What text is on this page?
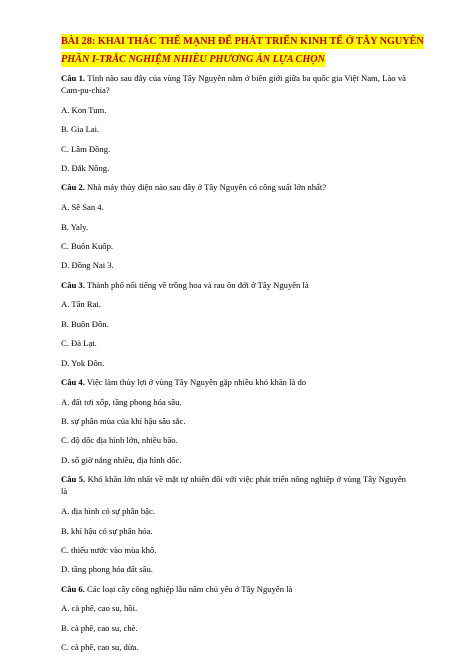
BÀI 28: KHAI THÁC THẾ MẠNH ĐỂ PHÁT TRIỂN KINH TẾ Ở TÂY NGUYÊN
PHẦN I-TRẮC NGHIỆM NHIỀU PHƯƠNG ÁN LỰA CHỌN
Câu 1. Tỉnh nào sau đây của vùng Tây Nguyên nằm ở biên giới giữa ba quốc gia Việt Nam, Lào và Cam-pu-chia?
A. Kon Tum.
B. Gia Lai.
C. Lâm Đồng.
D. Đắk Nông.
Câu 2. Nhà máy thủy điện nào sau đây ở Tây Nguyên có công suất lớn nhất?
A. Sê San 4.
B. Yaly.
C. Buôn Kuốp.
D. Đồng Nai 3.
Câu 3. Thành phố nổi tiếng về trồng hoa và rau ôn đới ở Tây Nguyên là
A. Tân Rai.
B. Buôn Đôn.
C. Đà Lạt.
D. Yok Đôn.
Câu 4. Việc làm thủy lợi ở vùng Tây Nguyên gặp nhiều khó khăn là do
A. đất tơi xốp, tầng phong hóa sâu.
B. sự phân mùa của khí hậu sâu sắc.
C. độ dốc địa hình lớn, nhiều bão.
D. số giờ nắng nhiều, địa hình dốc.
Câu 5. Khó khăn lớn nhất về mặt tự nhiên đối với việc phát triển nông nghiệp ở vùng Tây Nguyên là
A. địa hình có sự phân bậc.
B. khí hậu có sự phân hóa.
C. thiếu nước vào mùa khô.
D. tầng phong hóa đất sâu.
Câu 6. Các loại cây công nghiệp lâu năm chủ yếu ở Tây Nguyên là
A. cà phê, cao su, hồi.
B. cà phê, cao su, chè.
C. cà phê, cao su, dừa.
